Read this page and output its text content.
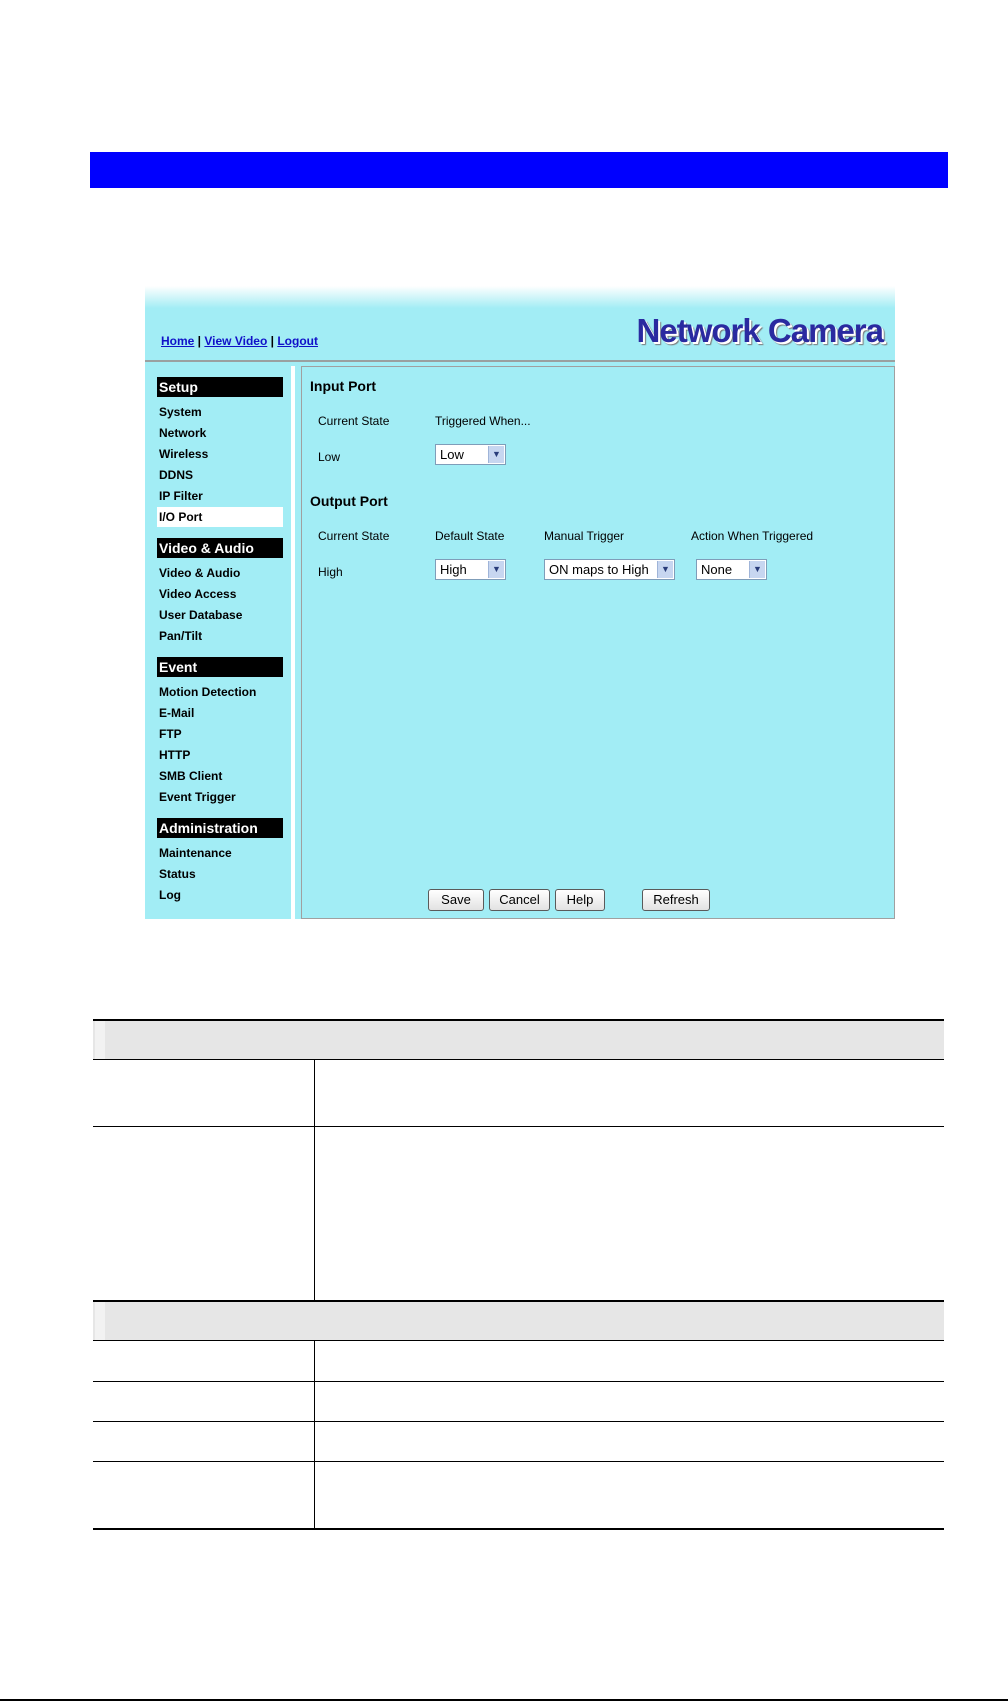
Home | View Video | Logout	Network Camera
Setup
System
Network
Wireless
DDNS
IP Filter
I/O Port
Video & Audio
Video & Audio
Video Access
User Database
Pan/Tilt
Event
Motion Detection
E-Mail
FTP
HTTP
SMB Client
Event Trigger
Administration
Maintenance
Status
Log
Input Port
Current State	Triggered When...
Low	Low	▼
Output Port
Current State	Default State	Manual Trigger	Action When Triggered
High	High	▼	ON maps to High	▼	None	▼
Save	Cancel	Help	Refresh
